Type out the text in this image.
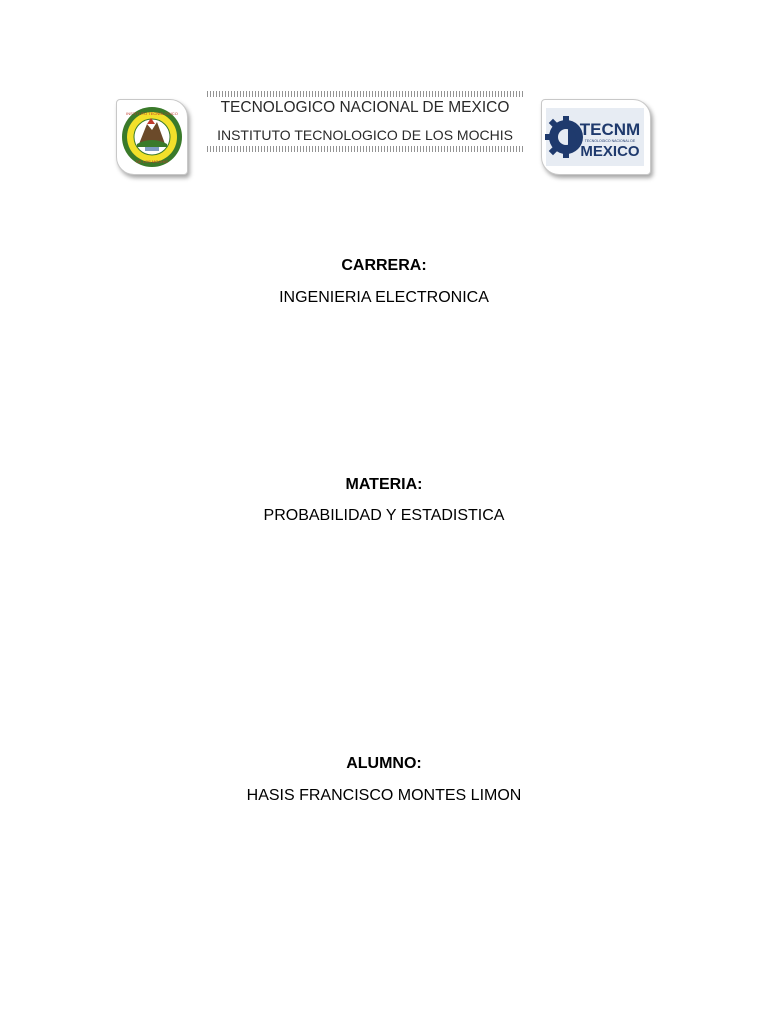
INSTITUTO TECNOLOGICO
DE LOS MOCHIS
TECNOLOGICO NACIONAL DE MEXICO
INSTITUTO TECNOLOGICO DE LOS MOCHIS	TECNM
TECNOLOGICO NACIONAL DE
MEXICO
CARRERA:
INGENIERIA ELECTRONICA
MATERIA:
PROBABILIDAD Y ESTADISTICA
ALUMNO:
HASIS FRANCISCO MONTES LIMON
